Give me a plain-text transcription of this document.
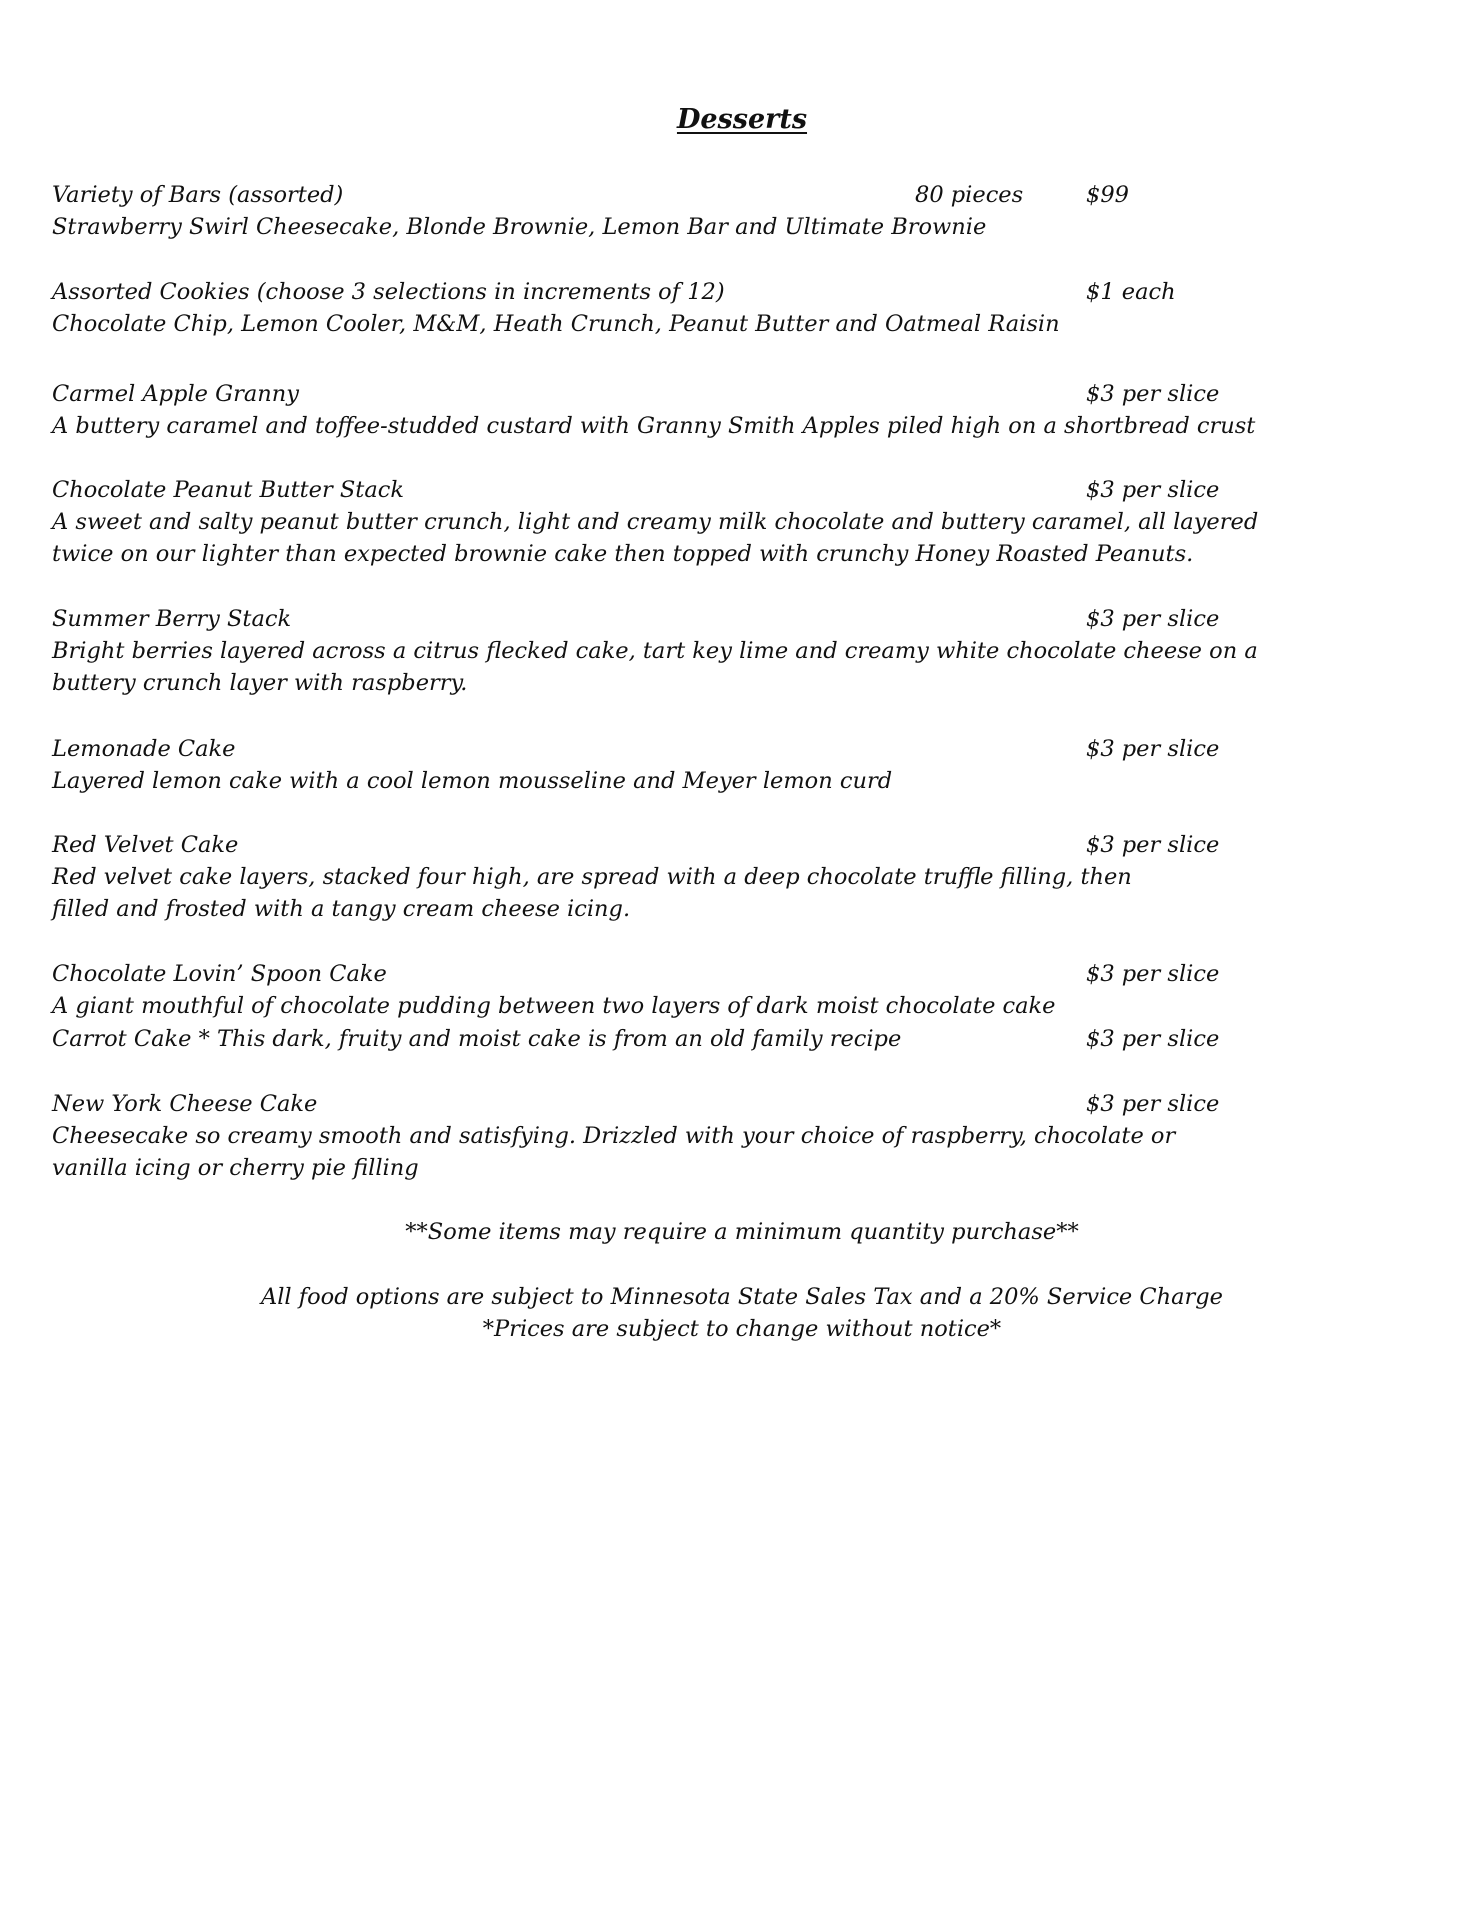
Desserts
Variety of Bars (assorted)	80 pieces	$99
Strawberry Swirl Cheesecake, Blonde Brownie, Lemon Bar and Ultimate Brownie
Assorted Cookies (choose 3 selections in increments of 12)	$1 each
Chocolate Chip, Lemon Cooler, M&M, Heath Crunch, Peanut Butter and Oatmeal Raisin
Carmel Apple Granny	$3 per slice
A buttery caramel and toffee-studded custard with Granny Smith Apples piled high on a shortbread crust
Chocolate Peanut Butter Stack	$3 per slice
A sweet and salty peanut butter crunch, light and creamy milk chocolate and buttery caramel, all layered
twice on our lighter than expected brownie cake then topped with crunchy Honey Roasted Peanuts.
Summer Berry Stack	$3 per slice
Bright berries layered across a citrus flecked cake, tart key lime and creamy white chocolate cheese on a
buttery crunch layer with raspberry.
Lemonade Cake	$3 per slice
Layered lemon cake with a cool lemon mousseline and Meyer lemon curd
Red Velvet Cake	$3 per slice
Red velvet cake layers, stacked four high, are spread with a deep chocolate truffle filling, then
filled and frosted with a tangy cream cheese icing.
Chocolate Lovin’ Spoon Cake	$3 per slice
A giant mouthful of chocolate pudding between two layers of dark moist chocolate cake
Carrot Cake * This dark, fruity and moist cake is from an old family recipe	$3 per slice
New York Cheese Cake	$3 per slice
Cheesecake so creamy smooth and satisfying. Drizzled with your choice of raspberry, chocolate or
vanilla icing or cherry pie filling
**Some items may require a minimum quantity purchase**
All food options are subject to Minnesota State Sales Tax and a 20% Service Charge
*Prices are subject to change without notice*
